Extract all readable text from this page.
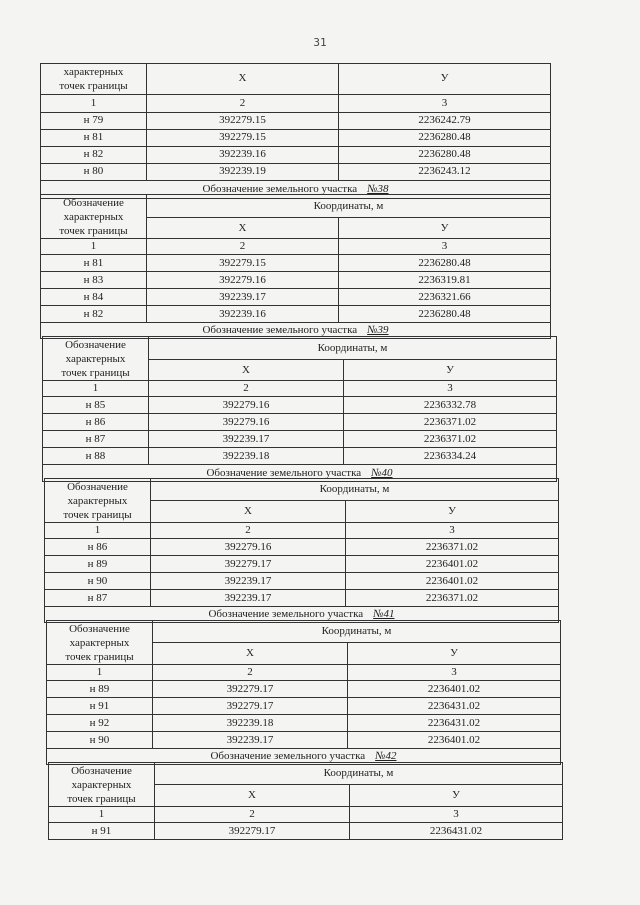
31
характерных
точек границы	Х	У
1	2	3
н 79	392279.15	2236242.79
н 81	392279.15	2236280.48
н 82	392239.16	2236280.48
н 80	392239.19	2236243.12
Обозначение земельного участка №38		
Обозначение
характерных
точек границы	Координаты, м	
	Х	У
1	2	3
н 81	392279.15	2236280.48
н 83	392279.16	2236319.81
н 84	392239.17	2236321.66
н 82	392239.16	2236280.48
Обозначение земельного участка №39		
Обозначение
характерных
точек границы	Координаты, м	
	Х	У
1	2	3
н 85	392279.16	2236332.78
н 86	392279.16	2236371.02
н 87	392239.17	2236371.02
н 88	392239.18	2236334.24
Обозначение земельного участка №40		
Обозначение
характерных
точек границы	Координаты, м	
	Х	У
1	2	3
н 86	392279.16	2236371.02
н 89	392279.17	2236401.02
н 90	392239.17	2236401.02
н 87	392239.17	2236371.02
Обозначение земельного участка №41		
Обозначение
характерных
точек границы	Координаты, м	
	Х	У
1	2	3
н 89	392279.17	2236401.02
н 91	392279.17	2236431.02
н 92	392239.18	2236431.02
н 90	392239.17	2236401.02
Обозначение земельного участка №42		
Обозначение
характерных
точек границы	Координаты, м	
	Х	У
1	2	3
н 91	392279.17	2236431.02
